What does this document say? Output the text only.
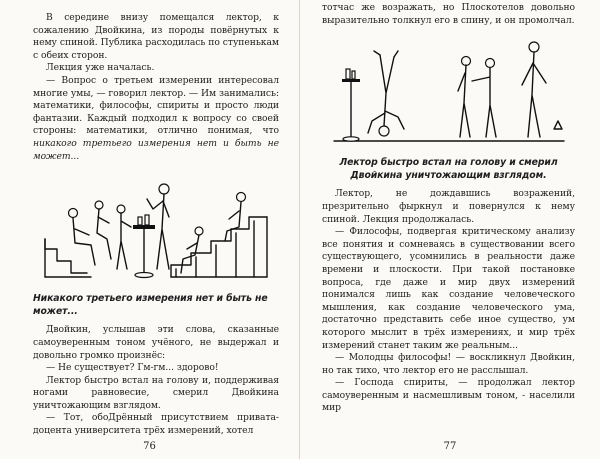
В середине внизу помещался лектор, к сожалению Двойкина, из породы повёрнутых к нему спиной. Публика расходилась по ступенькам с обеих сторон.

Лекция уже началась.

— Вопрос о третьем измерении интересовал многие умы, — говорил лектор. — Им занимались: математики, философы, спириты и просто люди фантазии. Каждый подходил к вопросу со своей стороны: математики, отлично понимая, что никакого третьего измерения нет и быть не может...

Никакого третьего измерения нет и быть не может...

Двойкин, услышав эти слова, сказанные самоуверенным тоном учёного, не выдержал и довольно громко произнёс:

— Не существует? Гм-гм... здорово!

Лектор быстро встал на голову и, поддерживая ногами равновесие, смерил Двойкина уничтожающим взглядом.

— Тот, обоДрённый присутствием привата-доцента университета трёх измерений, хотел

76

тотчас же возражать, но Плоскотелов довольно выразительно толкнул его в спину, и он промолчал.

Лектор быстро встал на голову и смерил Двойкина уничтожающим взглядом.

Лектор, не дождавшись возражений, презрительно фыркнул и повернулся к нему спиной. Лекция продолжалась.

— Философы, подвергая критическому анализу все понятия и сомневаясь в существовании всего существующего, усомнились в реальности даже времени и плоскости. При такой постановке вопроса, где даже и мир двух измерений понимался лишь как создание человеческого мышления, как создание человеческого ума, достаточно представить себе иное существо, ум которого мыслит в трёх измерениях, и мир трёх измерений станет таким же реальным...

— Молодцы философы! — воскликнул Двойкин, но так тихо, что лектор его не расслышал.

— Господа спириты, — продолжал лектор самоуверенным и насмешливым тоном, - населили мир

77
